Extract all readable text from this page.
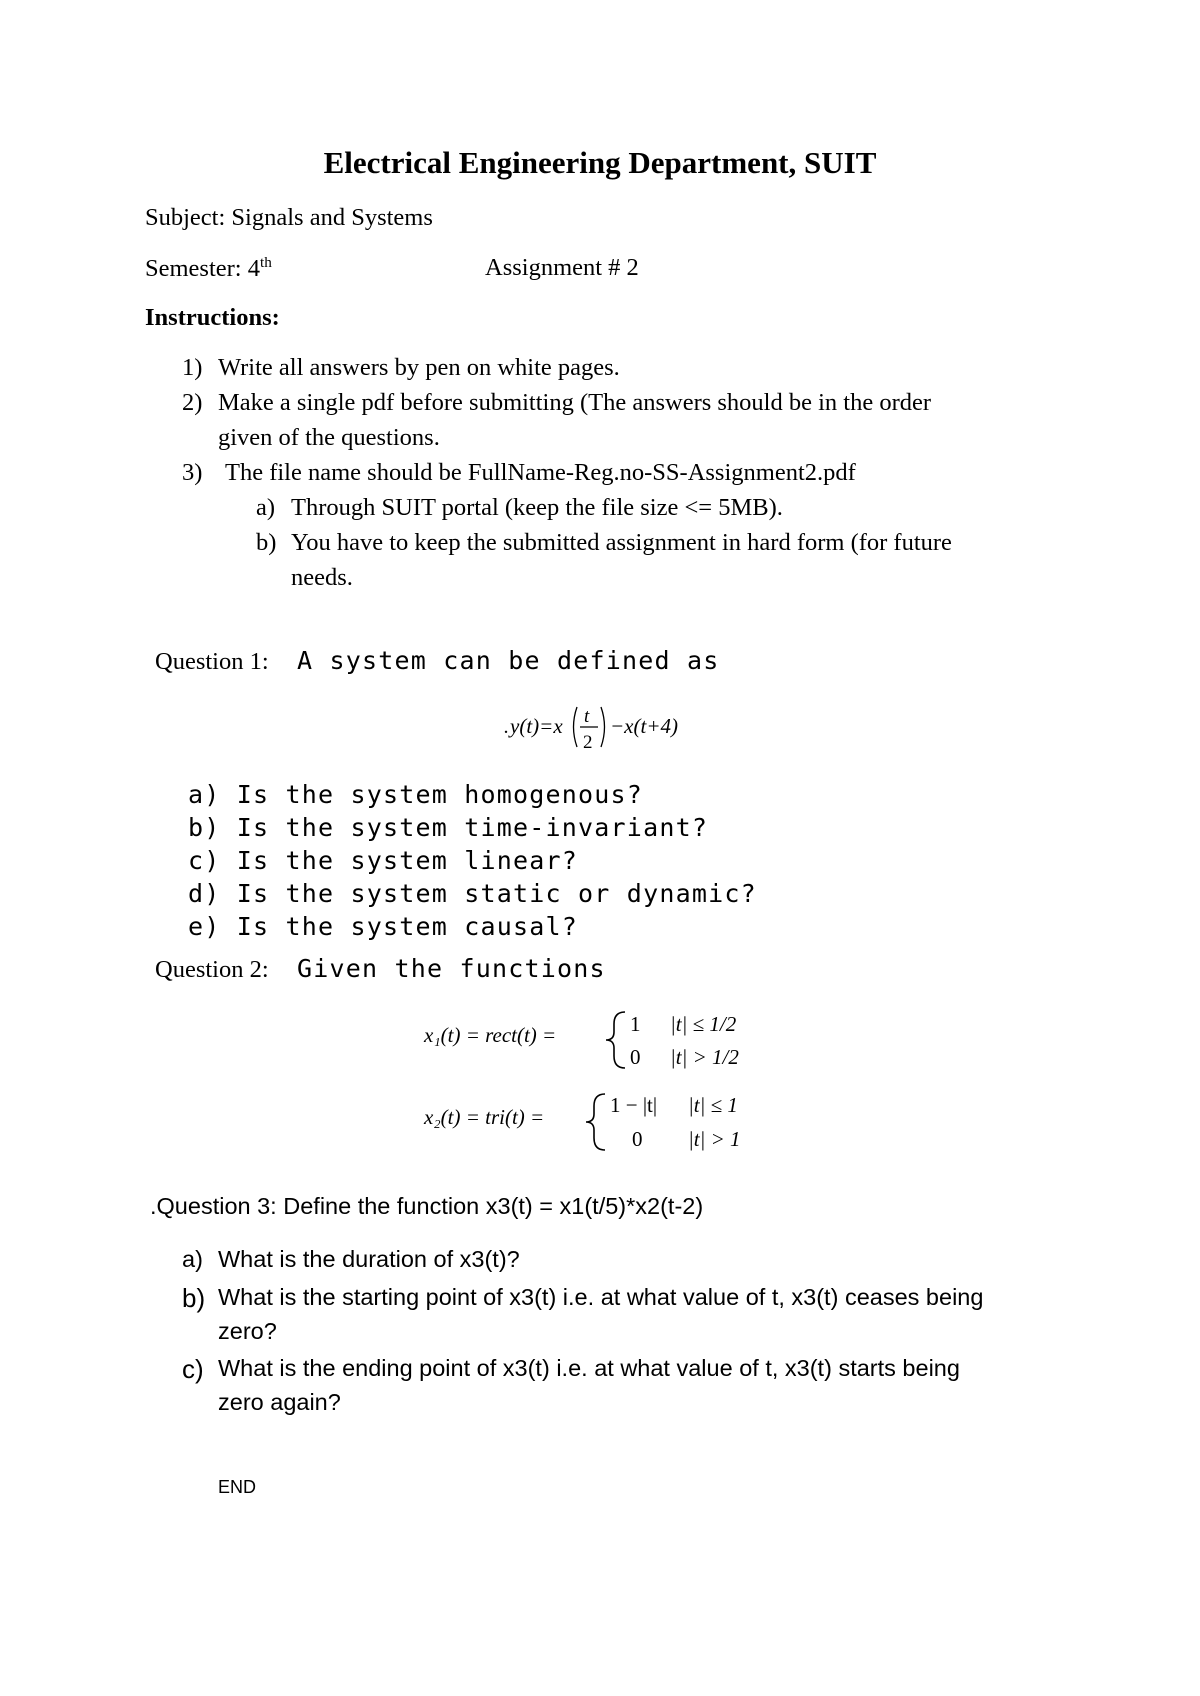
Electrical Engineering Department, SUIT
Subject: Signals and Systems
Semester: 4th	Assignment # 2
Instructions:
1) Write all answers by pen on white pages.
2) Make a single pdf before submitting (The answers should be in the order
given of the questions.
3) The file name should be FullName-Reg.no-SS-Assignment2.pdf
a) Through SUIT portal (keep the file size <= 5MB).
b) You have to keep the submitted assignment in hard form (for future
needs.
Question 1: A system can be defined as
. y(t)=x t
2
−x(t+4)
a) Is the system homogenous?
b) Is the system time-invariant?
c) Is the system linear?
d) Is the system static or dynamic?
e) Is the system causal?
Question 2: Given the functions
x₁(t) = rect(t) =	1 |t| ≤ 1/2
0 |t| > 1/2
x₂(t) = tri(t) =	1 − |t| |t| ≤ 1
0 |t| > 1
.Question 3: Define the function x3(t) = x1(t/5)*x2(t-2)
a) What is the duration of x3(t)?
b) What is the starting point of x3(t) i.e. at what value of t, x3(t) ceases being
zero?
c) What is the ending point of x3(t) i.e. at what value of t, x3(t) starts being
zero again?
END
